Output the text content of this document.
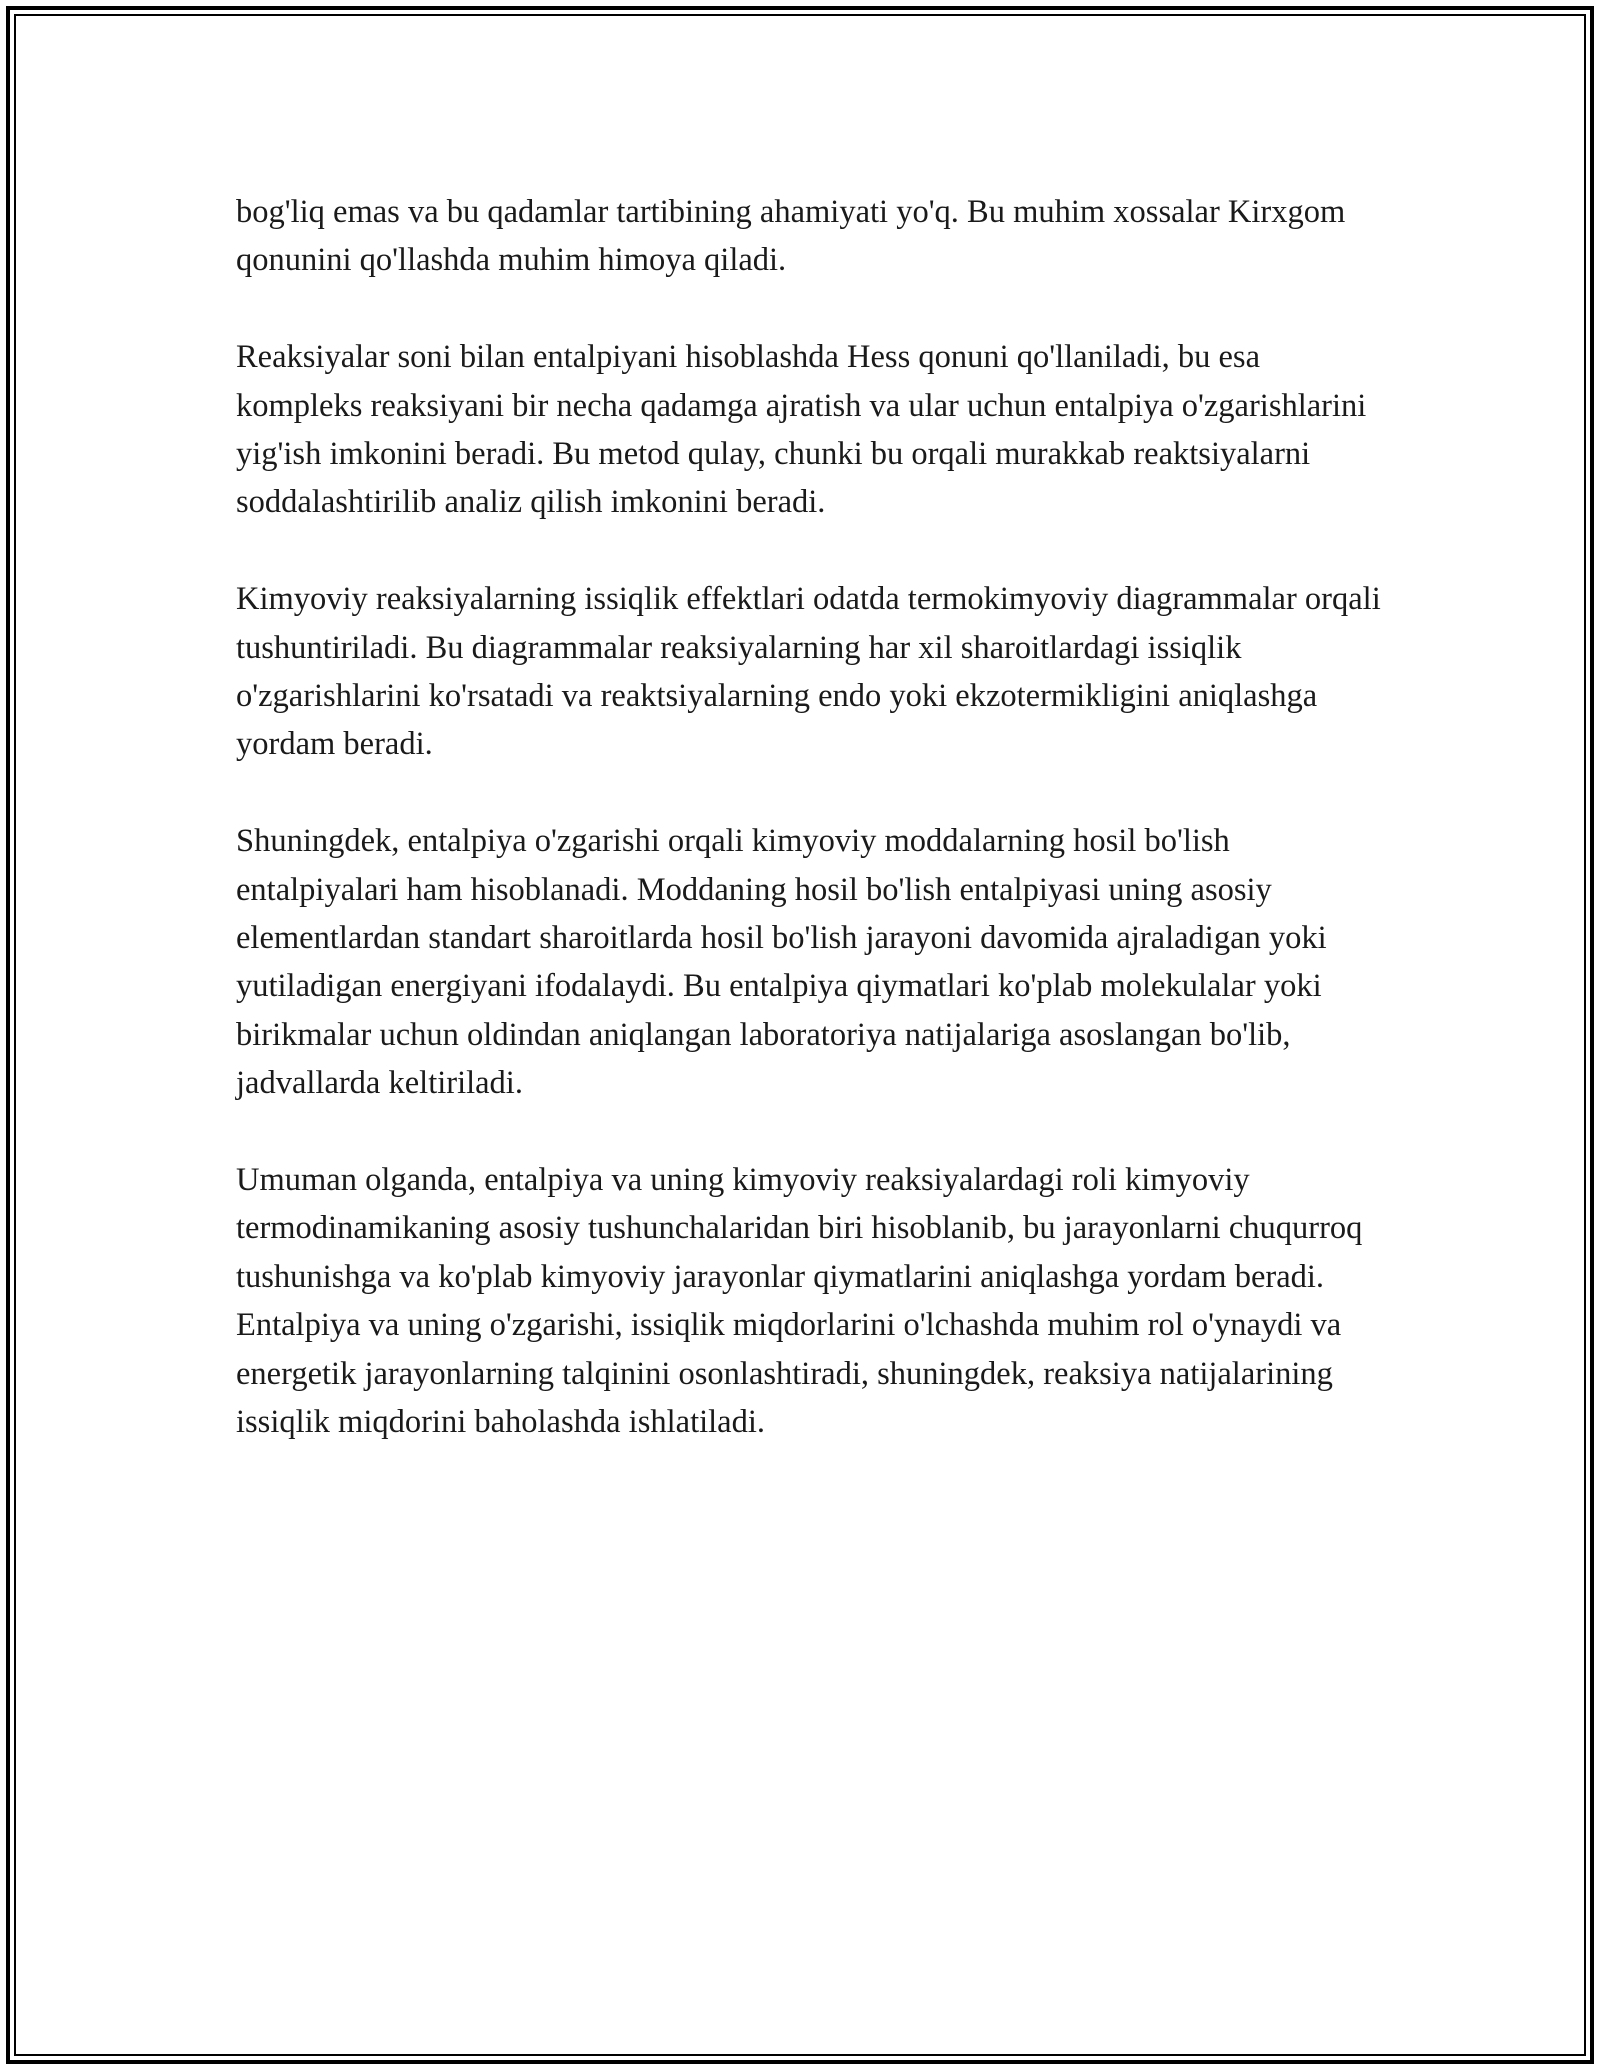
bog'liq emas va bu qadamlar tartibining ahamiyati yo'q. Bu muhim xossalar Kirxgom qonunini qo'llashda muhim himoya qiladi.

Reaksiyalar soni bilan entalpiyani hisoblashda Hess qonuni qo'llaniladi, bu esa kompleks reaksiyani bir necha qadamga ajratish va ular uchun entalpiya o'zgarishlarini yig'ish imkonini beradi. Bu metod qulay, chunki bu orqali murakkab reaktsiyalarni soddalashtirilib analiz qilish imkonini beradi.

Kimyoviy reaksiyalarning issiqlik effektlari odatda termokimyoviy diagrammalar orqali tushuntiriladi. Bu diagrammalar reaksiyalarning har xil sharoitlardagi issiqlik o'zgarishlarini ko'rsatadi va reaktsiyalarning endo yoki ekzotermikligini aniqlashga yordam beradi.

Shuningdek, entalpiya o'zgarishi orqali kimyoviy moddalarning hosil bo'lish entalpiyalari ham hisoblanadi. Moddaning hosil bo'lish entalpiyasi uning asosiy elementlardan standart sharoitlarda hosil bo'lish jarayoni davomida ajraladigan yoki yutiladigan energiyani ifodalaydi. Bu entalpiya qiymatlari ko'plab molekulalar yoki birikmalar uchun oldindan aniqlangan laboratoriya natijalariga asoslangan bo'lib, jadvallarda keltiriladi.

Umuman olganda, entalpiya va uning kimyoviy reaksiyalardagi roli kimyoviy termodinamikaning asosiy tushunchalaridan biri hisoblanib, bu jarayonlarni chuqurroq tushunishga va ko'plab kimyoviy jarayonlar qiymatlarini aniqlashga yordam beradi. Entalpiya va uning o'zgarishi, issiqlik miqdorlarini o'lchashda muhim rol o'ynaydi va energetik jarayonlarning talqinini osonlashtiradi, shuningdek, reaksiya natijalarining issiqlik miqdorini baholashda ishlatiladi.
